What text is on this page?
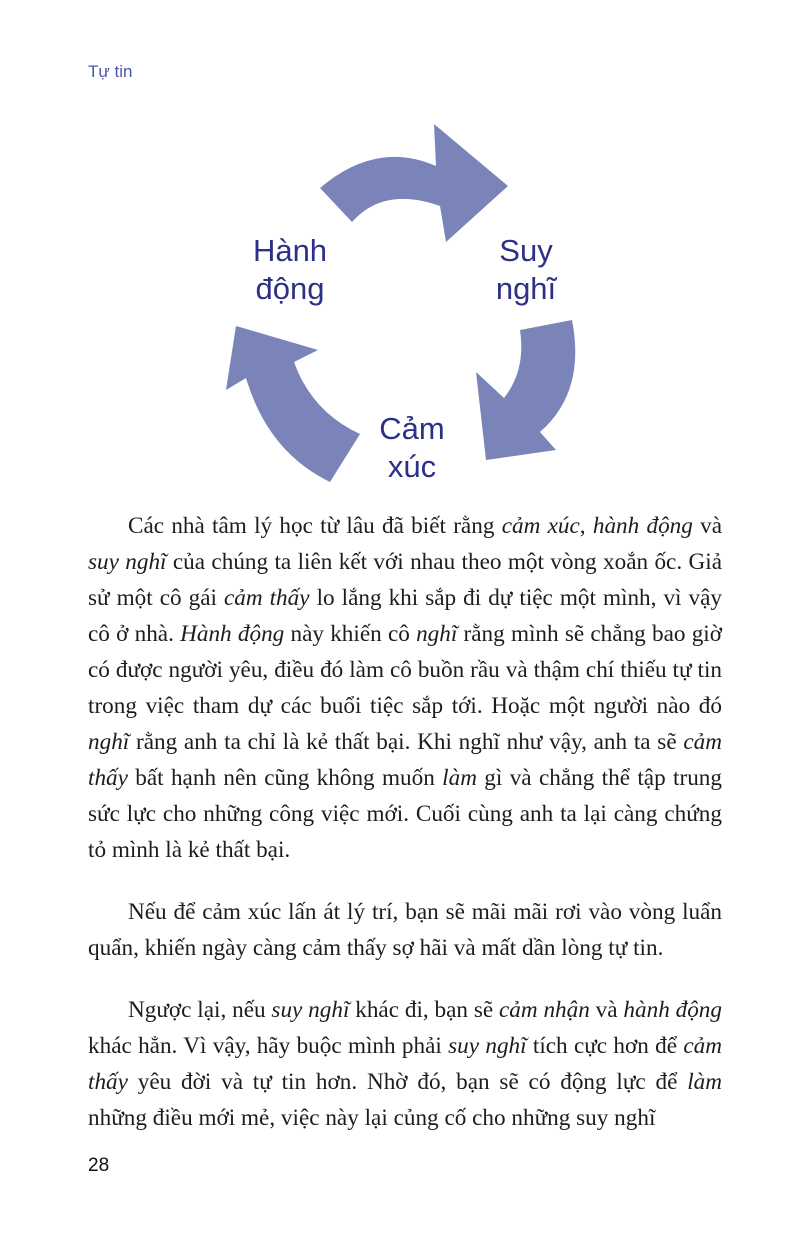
Tự tin
Hành
động
Suy
nghĩ
Cảm
xúc

Các nhà tâm lý học từ lâu đã biết rằng cảm xúc, hành động và suy nghĩ của chúng ta liên kết với nhau theo một vòng xoắn ốc. Giả sử một cô gái cảm thấy lo lắng khi sắp đi dự tiệc một mình, vì vậy cô ở nhà. Hành động này khiến cô nghĩ rằng mình sẽ chẳng bao giờ có được người yêu, điều đó làm cô buồn rầu và thậm chí thiếu tự tin trong việc tham dự các buổi tiệc sắp tới. Hoặc một người nào đó nghĩ rằng anh ta chỉ là kẻ thất bại. Khi nghĩ như vậy, anh ta sẽ cảm thấy bất hạnh nên cũng không muốn làm gì và chẳng thể tập trung sức lực cho những công việc mới. Cuối cùng anh ta lại càng chứng tỏ mình là kẻ thất bại.

Nếu để cảm xúc lấn át lý trí, bạn sẽ mãi mãi rơi vào vòng luẩn quẩn, khiến ngày càng cảm thấy sợ hãi và mất dần lòng tự tin.

Ngược lại, nếu suy nghĩ khác đi, bạn sẽ cảm nhận và hành động khác hẳn. Vì vậy, hãy buộc mình phải suy nghĩ tích cực hơn để cảm thấy yêu đời và tự tin hơn. Nhờ đó, bạn sẽ có động lực để làm những điều mới mẻ, việc này lại củng cố cho những suy nghĩ

28
